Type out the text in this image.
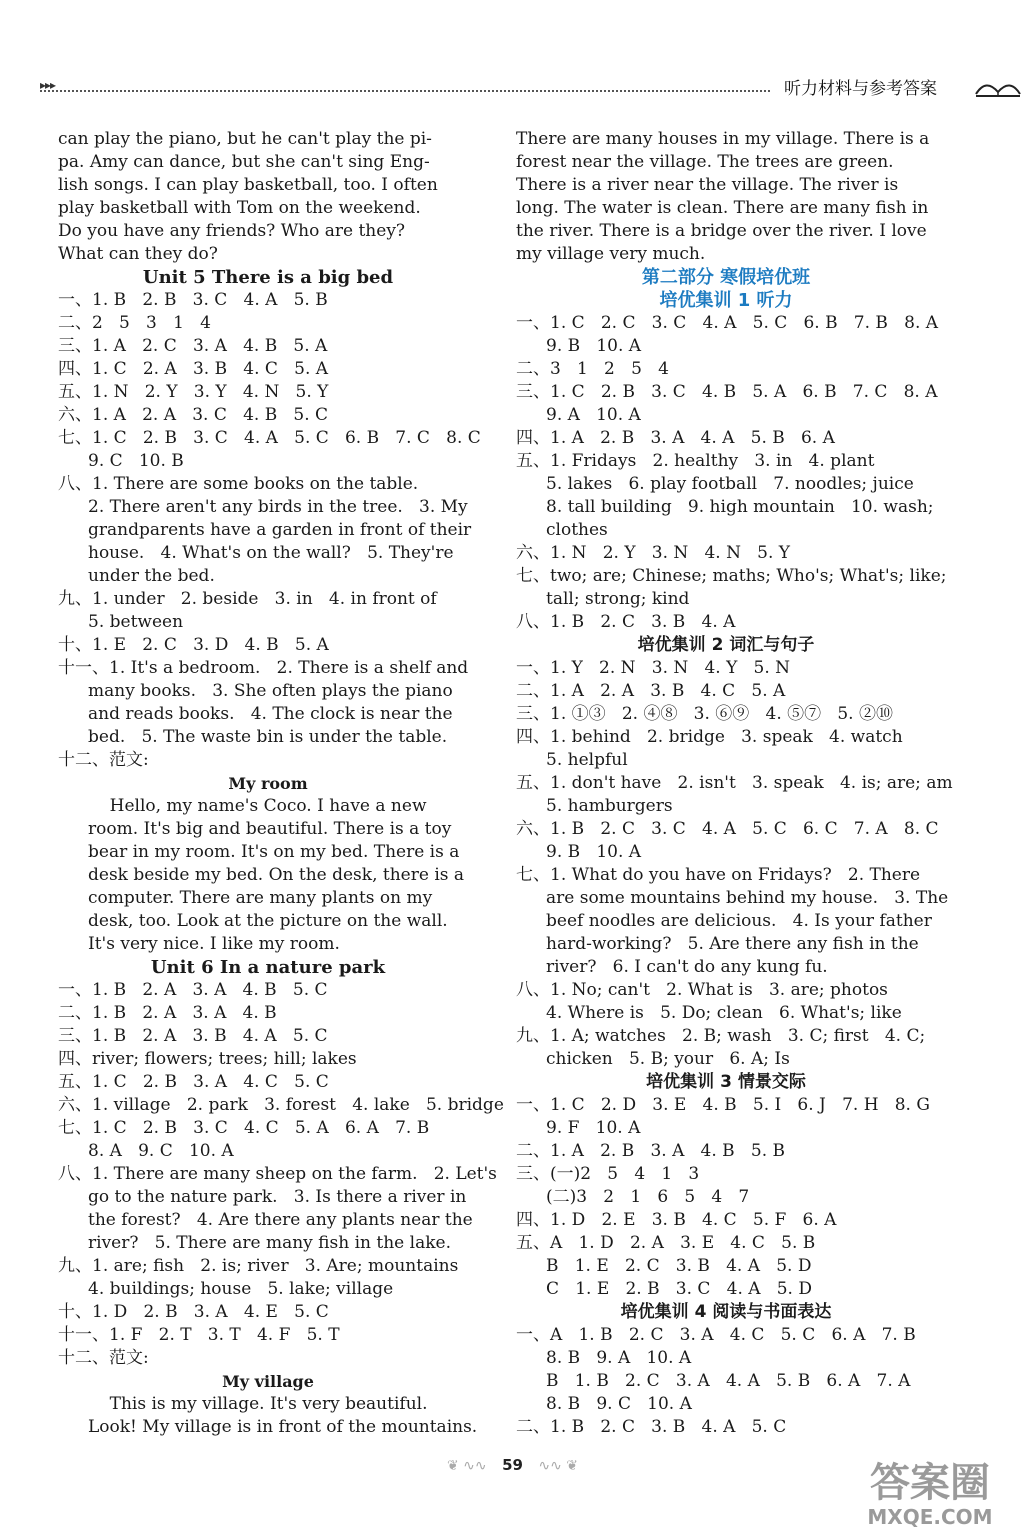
▸▸▸	听力材料与参考答案
can play the piano, but he can't play the pi-
pa. Amy can dance, but she can't sing Eng-
lish songs. I can play basketball, too. I often
play basketball with Tom on the weekend.
Do you have any friends? Who are they?
What can they do?
Unit 5 There is a big bed
一、1. B   2. B   3. C   4. A   5. B
二、2   5   3   1   4
三、1. A   2. C   3. A   4. B   5. A
四、1. C   2. A   3. B   4. C   5. A
五、1. N   2. Y   3. Y   4. N   5. Y
六、1. A   2. A   3. C   4. B   5. C
七、1. C   2. B   3. C   4. A   5. C   6. B   7. C   8. C
9. C   10. B
八、1. There are some books on the table.
2. There aren't any birds in the tree.   3. My
grandparents have a garden in front of their
house.   4. What's on the wall?   5. They're
under the bed.
九、1. under   2. beside   3. in   4. in front of
5. between
十、1. E   2. C   3. D   4. B   5. A
十一、1. It's a bedroom.   2. There is a shelf and
many books.   3. She often plays the piano
and reads books.   4. The clock is near the
bed.   5. The waste bin is under the table.
十二、范文:
My room
Hello, my name's Coco. I have a new
room. It's big and beautiful. There is a toy
bear in my room. It's on my bed. There is a
desk beside my bed. On the desk, there is a
computer. There are many plants on my
desk, too. Look at the picture on the wall.
It's very nice. I like my room.
Unit 6 In a nature park
一、1. B   2. A   3. A   4. B   5. C
二、1. B   2. A   3. A   4. B
三、1. B   2. A   3. B   4. A   5. C
四、river; flowers; trees; hill; lakes
五、1. C   2. B   3. A   4. C   5. C
六、1. village   2. park   3. forest   4. lake   5. bridge
七、1. C   2. B   3. C   4. C   5. A   6. A   7. B
8. A   9. C   10. A
八、1. There are many sheep on the farm.   2. Let's
go to the nature park.   3. Is there a river in
the forest?   4. Are there any plants near the
river?   5. There are many fish in the lake.
九、1. are; fish   2. is; river   3. Are; mountains
4. buildings; house   5. lake; village
十、1. D   2. B   3. A   4. E   5. C
十一、1. F   2. T   3. T   4. F   5. T
十二、范文:
My village
This is my village. It's very beautiful.
Look! My village is in front of the mountains.
There are many houses in my village. There is a
forest near the village. The trees are green.
There is a river near the village. The river is
long. The water is clean. There are many fish in
the river. There is a bridge over the river. I love
my village very much.
第二部分 寒假培优班
培优集训 1 听力
一、1. C   2. C   3. C   4. A   5. C   6. B   7. B   8. A
9. B   10. A
二、3   1   2   5   4
三、1. C   2. B   3. C   4. B   5. A   6. B   7. C   8. A
9. A   10. A
四、1. A   2. B   3. A   4. A   5. B   6. A
五、1. Fridays   2. healthy   3. in   4. plant
5. lakes   6. play football   7. noodles; juice
8. tall building   9. high mountain   10. wash;
clothes
六、1. N   2. Y   3. N   4. N   5. Y
七、two; are; Chinese; maths; Who's; What's; like;
tall; strong; kind
八、1. B   2. C   3. B   4. A
培优集训 2 词汇与句子
一、1. Y   2. N   3. N   4. Y   5. N
二、1. A   2. A   3. B   4. C   5. A
三、1. ①③   2. ④⑧   3. ⑥⑨   4. ⑤⑦   5. ②⑩
四、1. behind   2. bridge   3. speak   4. watch
5. helpful
五、1. don't have   2. isn't   3. speak   4. is; are; am
5. hamburgers
六、1. B   2. C   3. C   4. A   5. C   6. C   7. A   8. C
9. B   10. A
七、1. What do you have on Fridays?   2. There
are some mountains behind my house.   3. The
beef noodles are delicious.   4. Is your father
hard-working?   5. Are there any fish in the
river?   6. I can't do any kung fu.
八、1. No; can't   2. What is   3. are; photos
4. Where is   5. Do; clean   6. What's; like
九、1. A; watches   2. B; wash   3. C; first   4. C;
chicken   5. B; your   6. A; Is
培优集训 3 情景交际
一、1. C   2. D   3. E   4. B   5. I   6. J   7. H   8. G
9. F   10. A
二、1. A   2. B   3. A   4. B   5. B
三、(一)2   5   4   1   3
(二)3   2   1   6   5   4   7
四、1. D   2. E   3. B   4. C   5. F   6. A
五、A   1. D   2. A   3. E   4. C   5. B
B   1. E   2. C   3. B   4. A   5. D
C   1. E   2. B   3. C   4. A   5. D
培优集训 4 阅读与书面表达
一、A   1. B   2. C   3. A   4. C   5. C   6. A   7. B
8. B   9. A   10. A
B   1. B   2. C   3. A   4. A   5. B   6. A   7. A
8. B   9. C   10. A
二、1. B   2. C   3. B   4. A   5. C
❦ ∿∿ 59 ∿∿ ❦	答案圈
MXQE.COM
